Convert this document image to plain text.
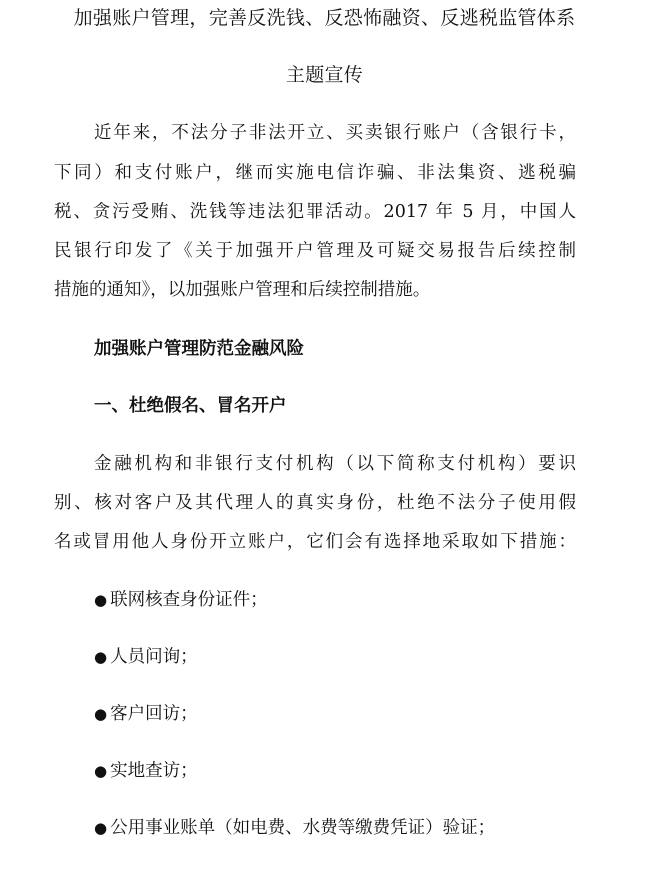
加强账户管理，完善反洗钱、反恐怖融资、反逃税监管体系
主题宣传
近年来，不法分子非法开立、买卖银行账户（含银行卡，
下同）和支付账户，继而实施电信诈骗、非法集资、逃税骗
税、贪污受贿、洗钱等违法犯罪活动。2017 年 5 月，中国人
民银行印发了《关于加强开户管理及可疑交易报告后续控制
措施的通知》，以加强账户管理和后续控制措施。
加强账户管理防范金融风险
一、杜绝假名、冒名开户
金融机构和非银行支付机构（以下简称支付机构）要识
别、核对客户及其代理人的真实身份，杜绝不法分子使用假
名或冒用他人身份开立账户，它们会有选择地采取如下措施：
● 联网核查身份证件；
● 人员问询；
● 客户回访；
● 实地查访；
● 公用事业账单（如电费、水费等缴费凭证）验证；
